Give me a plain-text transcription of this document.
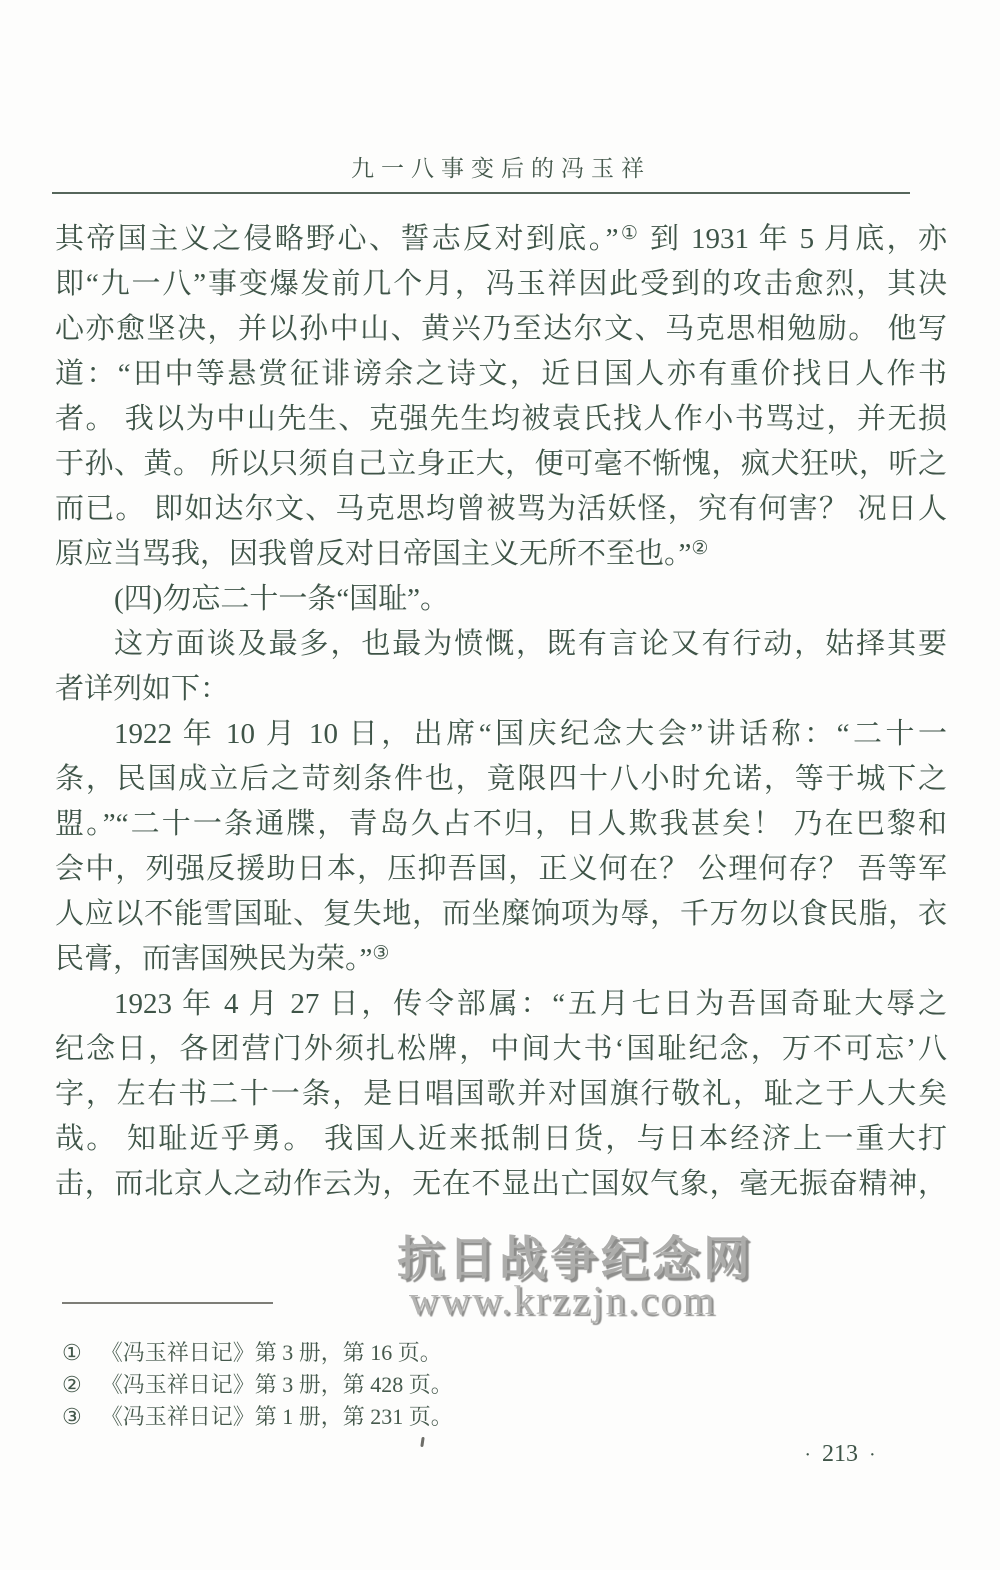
九一八事变后的冯玉祥
其帝国主义之侵略野心、誓志反对到底。”① 到 1931 年 5 月底，亦
即“九一八”事变爆发前几个月，冯玉祥因此受到的攻击愈烈，其决
心亦愈坚决，并以孙中山、黄兴乃至达尔文、马克思相勉励。 他写
道：“田中等悬赏征诽谤余之诗文，近日国人亦有重价找日人作书
者。 我以为中山先生、克强先生均被袁氏找人作小书骂过，并无损
于孙、黄。 所以只须自己立身正大，便可毫不惭愧，疯犬狂吠，听之
而已。 即如达尔文、马克思均曾被骂为活妖怪，究有何害？ 况日人
原应当骂我，因我曾反对日帝国主义无所不至也。”②
(四)勿忘二十一条“国耻”。
这方面谈及最多，也最为愤慨，既有言论又有行动，姑择其要
者详列如下：
1922 年 10 月 10 日，出席“国庆纪念大会”讲话称：“二十一
条，民国成立后之苛刻条件也，竟限四十八小时允诺，等于城下之
盟。”“二十一条通牒，青岛久占不归，日人欺我甚矣！ 乃在巴黎和
会中，列强反援助日本，压抑吾国，正义何在？ 公理何存？ 吾等军
人应以不能雪国耻、复失地，而坐糜饷项为辱，千万勿以食民脂，衣
民膏，而害国殃民为荣。”③
1923 年 4 月 27 日，传令部属：“五月七日为吾国奇耻大辱之
纪念日，各团营门外须扎松牌，中间大书‘国耻纪念，万不可忘’八
字，左右书二十一条，是日唱国歌并对国旗行敬礼，耻之于人大矣
哉。 知耻近乎勇。 我国人近来抵制日货，与日本经济上一重大打
击，而北京人之动作云为，无在不显出亡国奴气象，毫无振奋精神，
抗日战争纪念网
www.krzzjn.com
① 《冯玉祥日记》第 3 册，第 16 页。
② 《冯玉祥日记》第 3 册，第 428 页。
③ 《冯玉祥日记》第 1 册，第 231 页。
· 213 ·
